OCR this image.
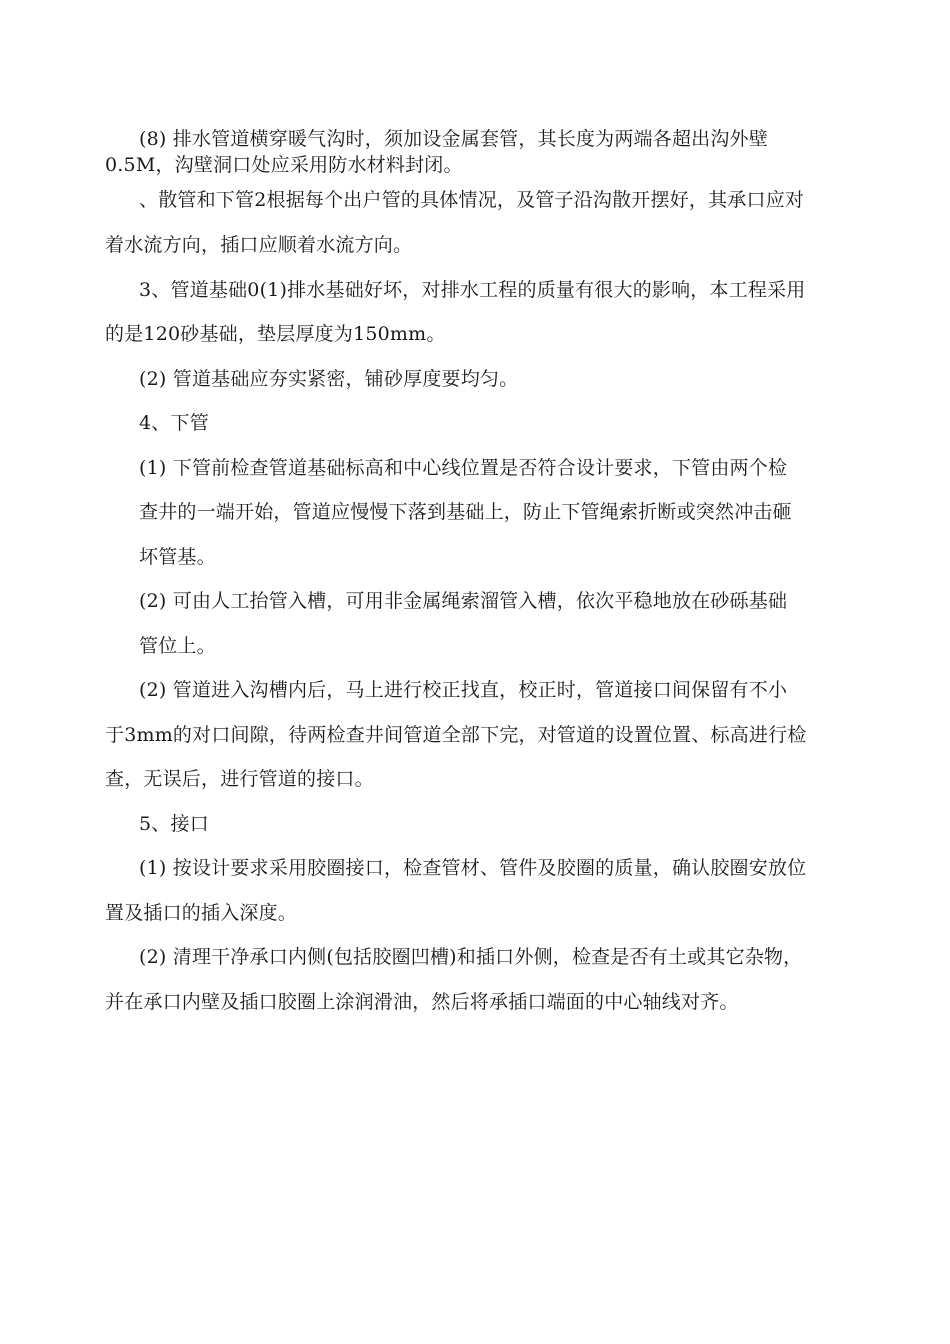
(8) 排水管道横穿暖气沟时，须加设金属套管，其长度为两端各超出沟外壁
0.5M，沟壁洞口处应采用防水材料封闭。
、散管和下管2根据每个出户管的具体情况，及管子沿沟散开摆好，其承口应对
着水流方向，插口应顺着水流方向。
3、管道基础0(1)排水基础好坏，对排水工程的质量有很大的影响，本工程采用
的是120砂基础，垫层厚度为150mm。
(2) 管道基础应夯实紧密，铺砂厚度要均匀。
4、下管
(1) 下管前检查管道基础标高和中心线位置是否符合设计要求，下管由两个检
查井的一端开始，管道应慢慢下落到基础上，防止下管绳索折断或突然冲击砸
坏管基。
(2) 可由人工抬管入槽，可用非金属绳索溜管入槽，依次平稳地放在砂砾基础
管位上。
(2) 管道进入沟槽内后，马上进行校正找直，校正时，管道接口间保留有不小
于3mm的对口间隙，待两检查井间管道全部下完，对管道的设置位置、标高进行检
查，无误后，进行管道的接口。
5、接口
(1) 按设计要求采用胶圈接口，检查管材、管件及胶圈的质量，确认胶圈安放位
置及插口的插入深度。
(2) 清理干净承口内侧(包括胶圈凹槽)和插口外侧，检查是否有土或其它杂物，
并在承口内壁及插口胶圈上涂润滑油，然后将承插口端面的中心轴线对齐。
